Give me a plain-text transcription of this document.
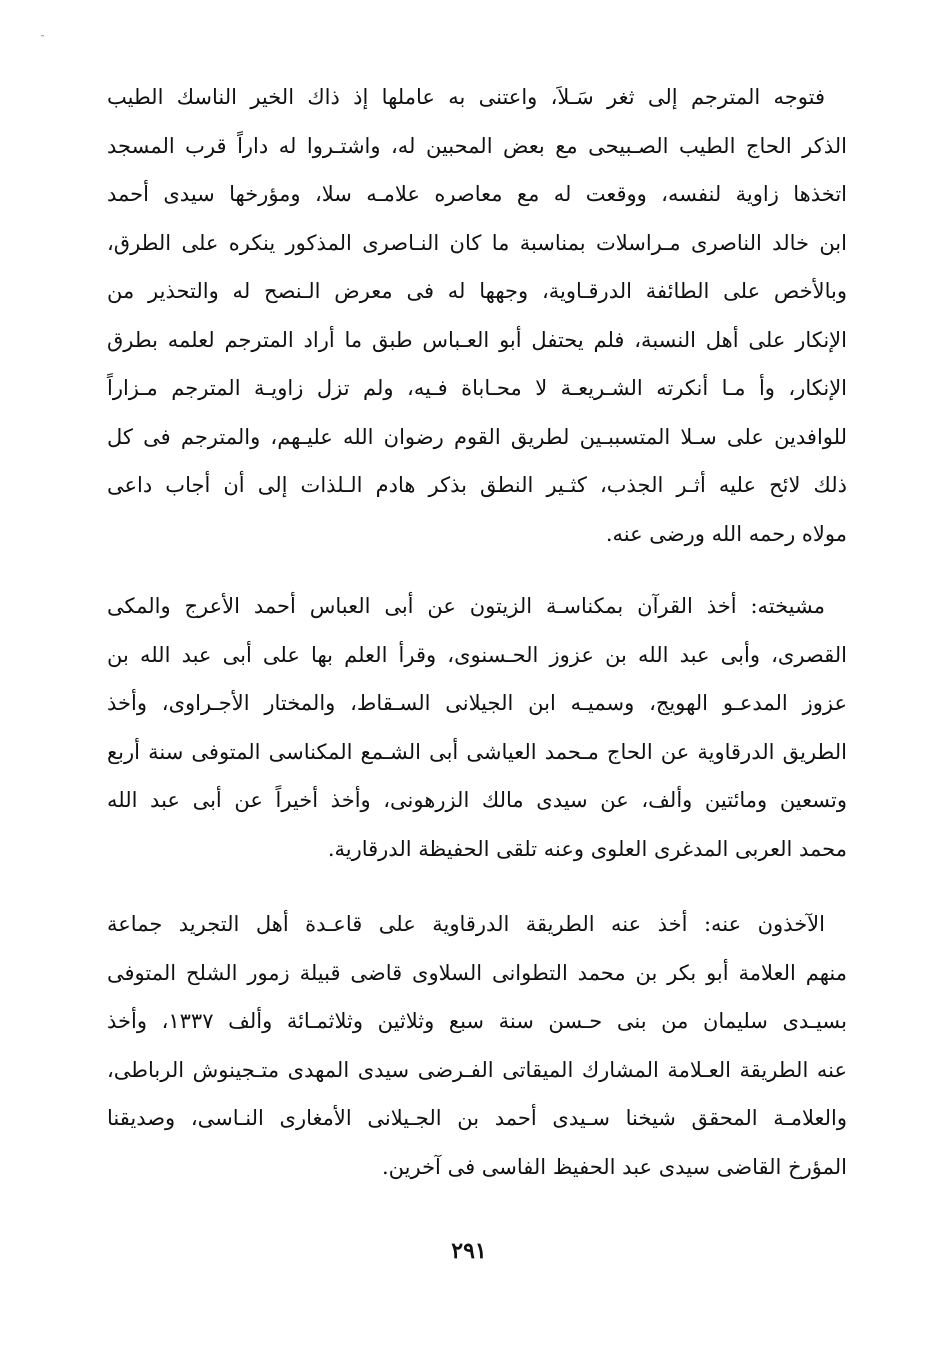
ˉ
فتوجه المترجم إلى ثغر سَـلاَ، واعتنى به عاملها إذ ذاك الخير الناسك الطيب
الذكر الحاج الطيب الصـبيحى مع بعض المحبين له، واشتـروا له داراً قرب المسجد
اتخذها زاوية لنفسه، ووقعت له مع معاصره علامـه سلا، ومؤرخها سيدى أحمد
ابن خالد الناصرى مـراسلات بمناسبة ما كان النـاصرى المذكور ينكره على الطرق،
وبالأخص على الطائفة الدرقـاوية، وجهها له فى معرض الـنصح له والتحذير من
الإنكار على أهل النسبة، فلم يحتفل أبو العـباس طبق ما أراد المترجم لعلمه بطرق
الإنكار، وأ مـا أنكرته الشـريعـة لا محـاباة فـيه، ولم تزل زاويـة المترجم مـزاراً
للوافدين على سـلا المتسببـين لطريق القوم رضوان الله عليـهم، والمترجم فى كل
ذلك لائح عليه أثـر الجذب، كثـير النطق بذكر هادم الـلذات إلى أن أجاب داعى
مولاه رحمه الله ورضى عنه.
مشيخته: أخذ القرآن بمكناسـة الزيتون عن أبى العباس أحمد الأعرج والمكى
القصرى، وأبى عبد الله بن عزوز الحـسنوى، وقرأ العلم بها على أبى عبد الله بن
عزوز المدعـو الهويج، وسميـه ابن الجيلانى السـقاط، والمختار الأجـراوى، وأخذ
الطريق الدرقاوية عن الحاج مـحمد العياشى أبى الشـمع المكناسى المتوفى سنة أربع
وتسعين ومائتين وألف، عن سيدى مالك الزرهونى، وأخذ أخيراً عن أبى عبد الله
محمد العربى المدغرى العلوى وعنه تلقى الحفيظة الدرقارية.
الآخذون عنه: أخذ عنه الطريقة الدرقاوية على قاعـدة أهل التجريد جماعة
منهم العلامة أبو بكر بن محمد التطوانى السلاوى قاضى قبيلة زمور الشلح المتوفى
بسيـدى سليمان من بنى حـسن سنة سبع وثلاثين وثلاثمـائة وألف ١٣٣٧، وأخذ
عنه الطريقة العـلامة المشارك الميقاتى الفـرضى سيدى المهدى متـجينوش الرباطى،
والعلامـة المحقق شيخنا سـيدى أحمد بن الجـيلانى الأمغارى النـاسى، وصديقنا
المؤرخ القاضى سيدى عبد الحفيظ الفاسى فى آخرين.
٢٩١
